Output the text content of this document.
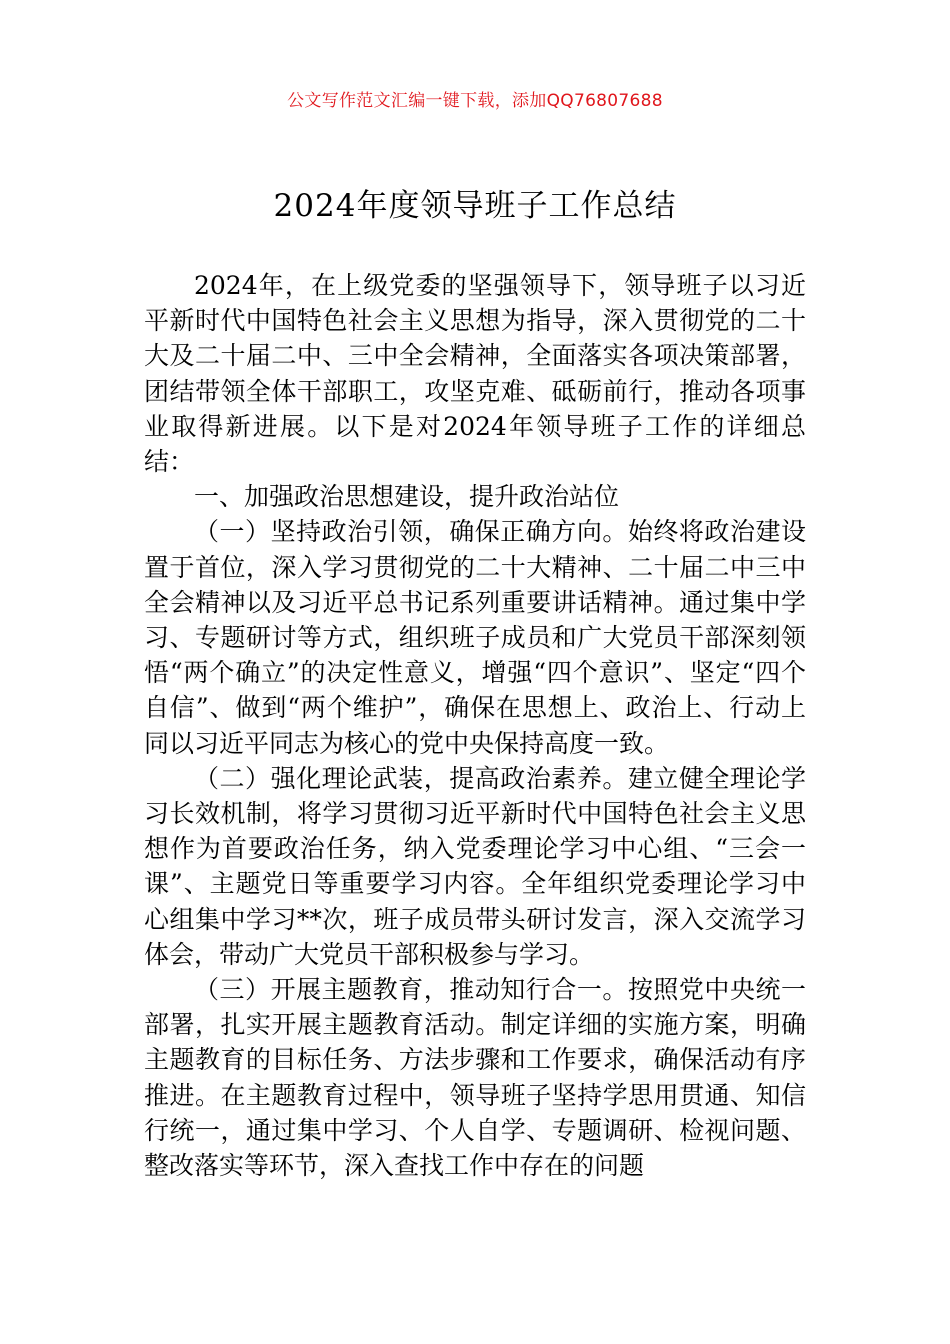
公文写作范文汇编一键下载，添加QQ76807688
2024年度领导班子工作总结

2024年，在上级党委的坚强领导下，领导班子以习近平新时代中国特色社会主义思想为指导，深入贯彻党的二十大及二十届二中、三中全会精神，全面落实各项决策部署，团结带领全体干部职工，攻坚克难、砥砺前行，推动各项事业取得新进展。以下是对2024年领导班子工作的详细总结：

一、加强政治思想建设，提升政治站位

（一）坚持政治引领，确保正确方向。始终将政治建设置于首位，深入学习贯彻党的二十大精神、二十届二中三中全会精神以及习近平总书记系列重要讲话精神。通过集中学习、专题研讨等方式，组织班子成员和广大党员干部深刻领悟“两个确立”的决定性意义，增强“四个意识”、坚定“四个自信”、做到“两个维护”，确保在思想上、政治上、行动上同以习近平同志为核心的党中央保持高度一致。

（二）强化理论武装，提高政治素养。建立健全理论学习长效机制，将学习贯彻习近平新时代中国特色社会主义思想作为首要政治任务，纳入党委理论学习中心组、“三会一课”、主题党日等重要学习内容。全年组织党委理论学习中心组集中学习**次，班子成员带头研讨发言，深入交流学习体会，带动广大党员干部积极参与学习。

（三）开展主题教育，推动知行合一。按照党中央统一部署，扎实开展主题教育活动。制定详细的实施方案，明确主题教育的目标任务、方法步骤和工作要求，确保活动有序推进。在主题教育过程中，领导班子坚持学思用贯通、知信行统一，通过集中学习、个人自学、专题调研、检视问题、整改落实等环节，深入查找工作中存在的问题
